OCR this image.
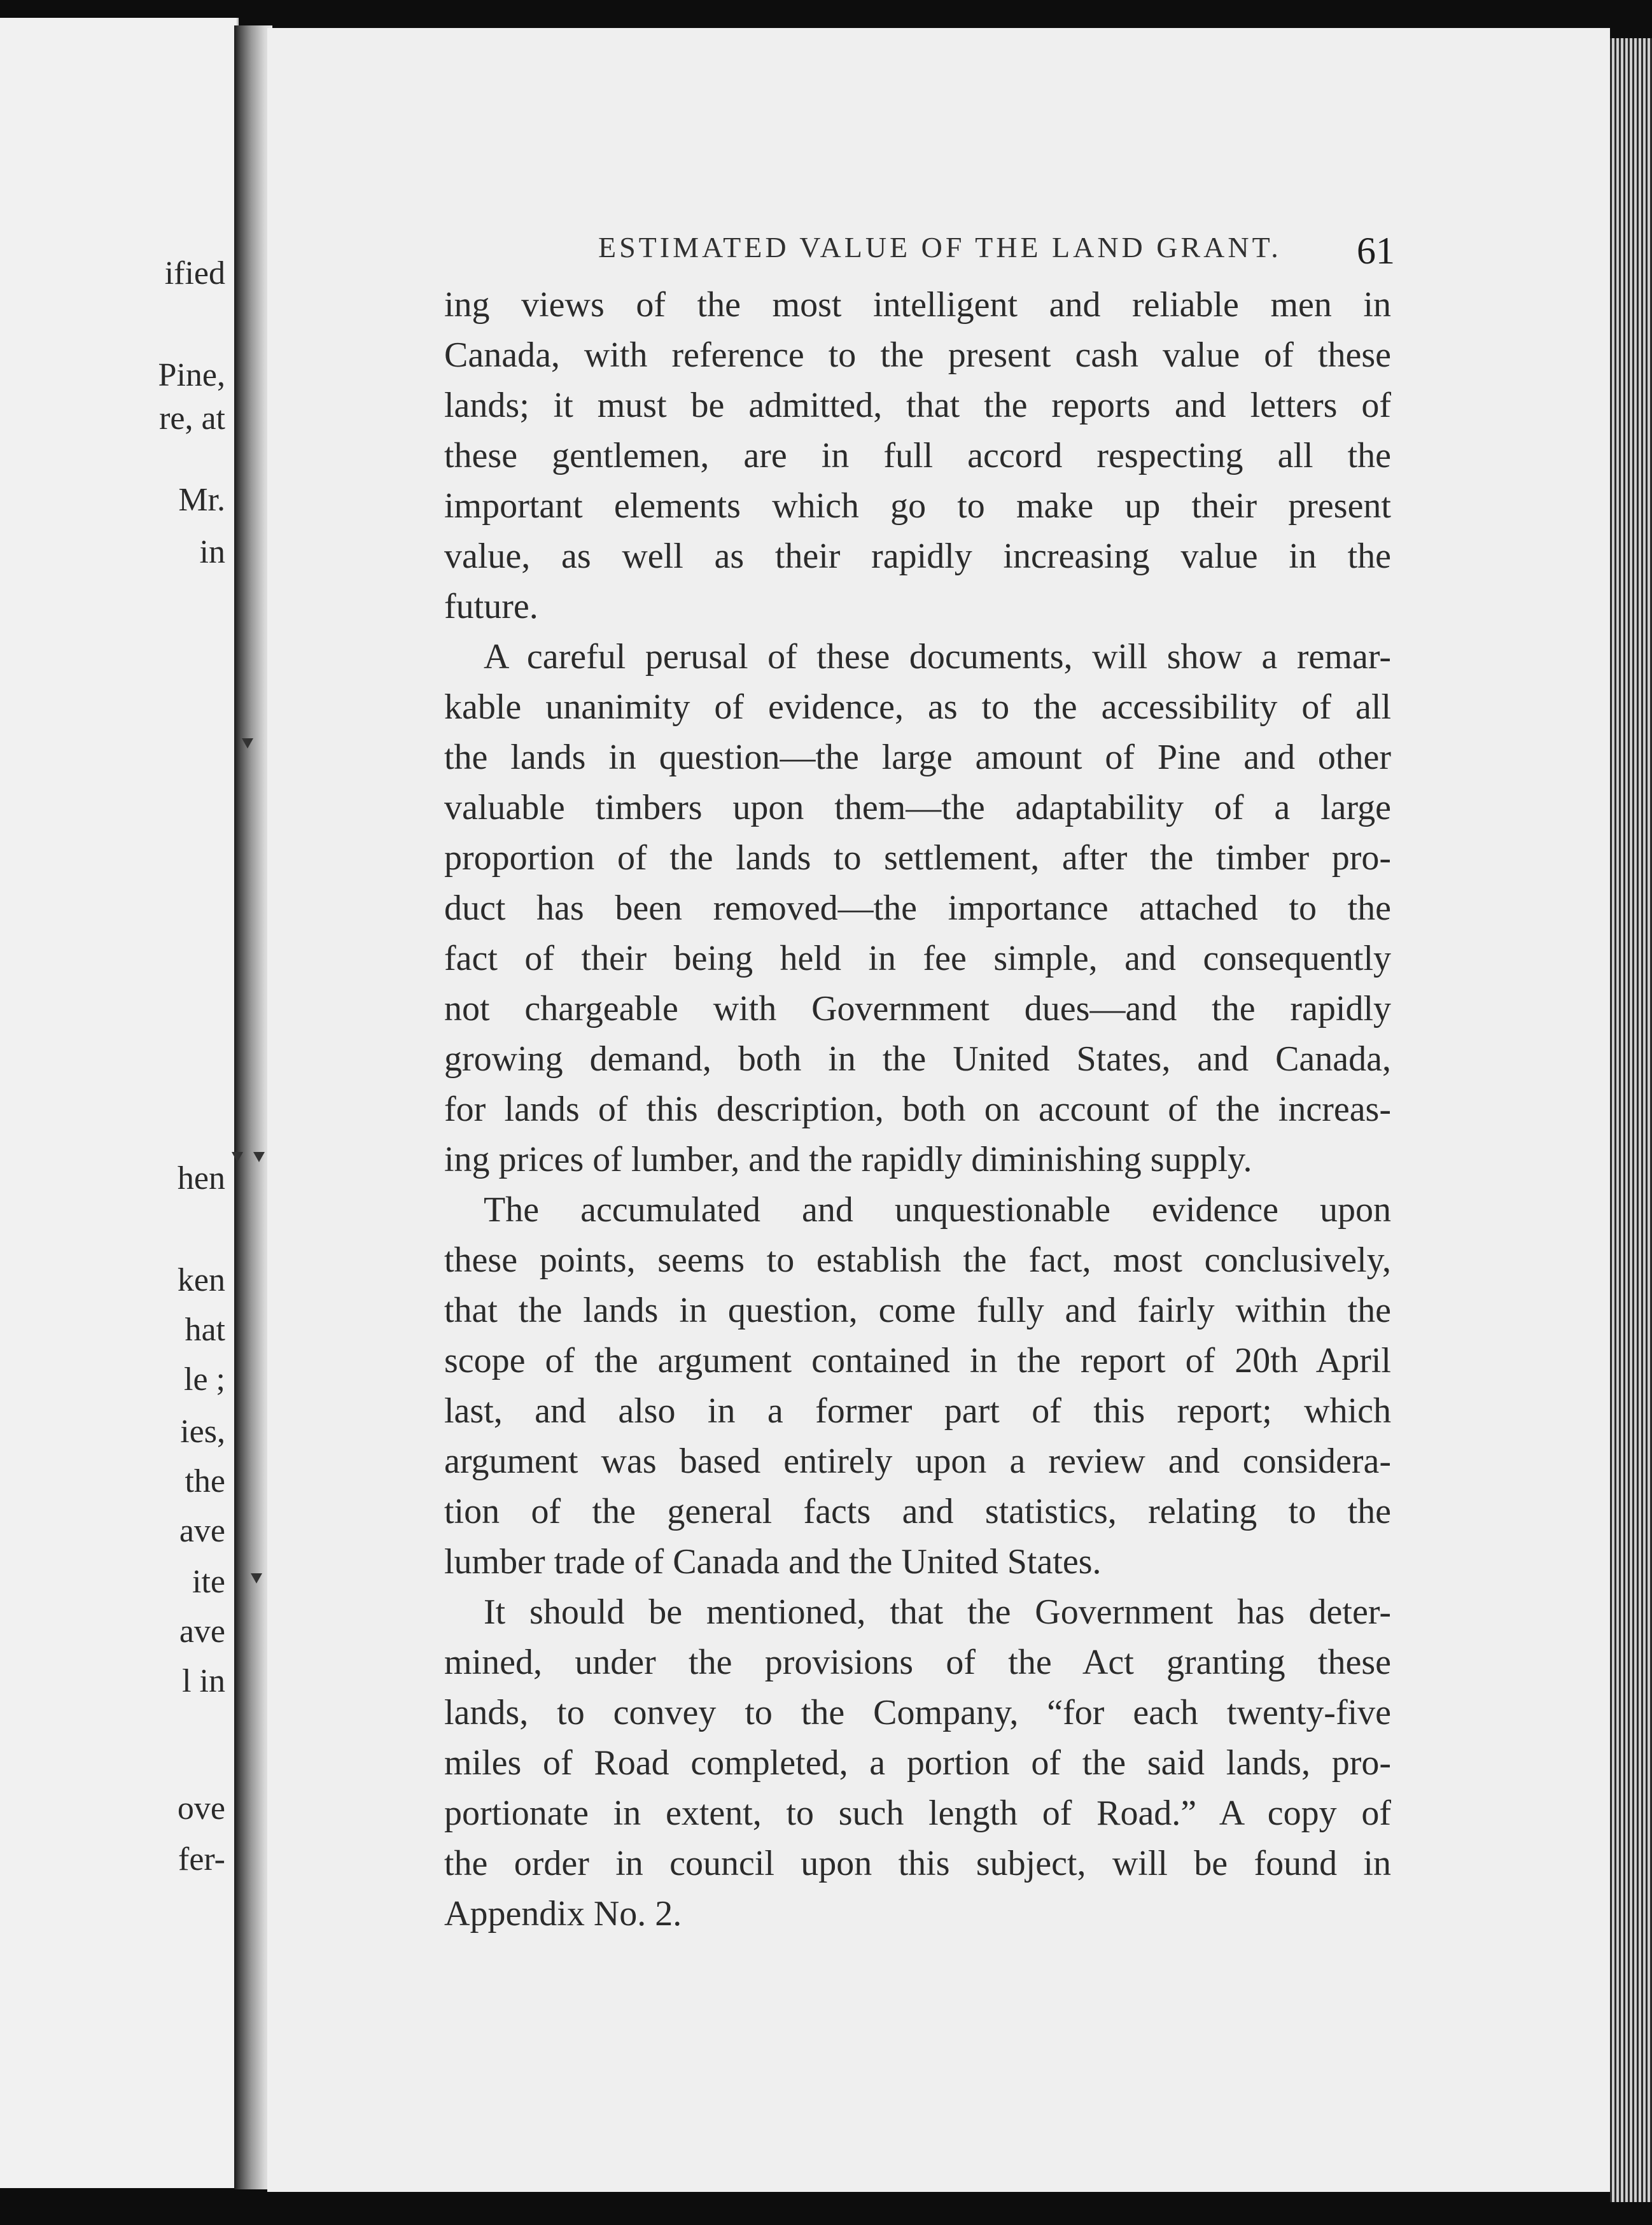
ified

Pine,

re, at

Mr.

in

hen

ken

hat

le ;

ies,

the

ave

ite

ave

l in

ove

fer-

ESTIMATED VALUE OF THE LAND GRANT. 61
ing views of the most intelligent and reliable men in
Canada, with reference to the present cash value of these
lands; it must be admitted, that the reports and letters of
these gentlemen, are in full accord respecting all the
important elements which go to make up their present
value, as well as their rapidly increasing value in the
future.
A careful perusal of these documents, will show a remar-
kable unanimity of evidence, as to the accessibility of all
the lands in question—the large amount of Pine and other
valuable timbers upon them—the adaptability of a large
proportion of the lands to settlement, after the timber pro-
duct has been removed—the importance attached to the
fact of their being held in fee simple, and consequently
not chargeable with Government dues—and the rapidly
growing demand, both in the United States, and Canada,
for lands of this description, both on account of the increas-
ing prices of lumber, and the rapidly diminishing supply.
The accumulated and unquestionable evidence upon
these points, seems to establish the fact, most conclusively,
that the lands in question, come fully and fairly within the
scope of the argument contained in the report of 20th April
last, and also in a former part of this report; which
argument was based entirely upon a review and considera-
tion of the general facts and statistics, relating to the
lumber trade of Canada and the United States.
It should be mentioned, that the Government has deter-
mined, under the provisions of the Act granting these
lands, to convey to the Company, “for each twenty-five
miles of Road completed, a portion of the said lands, pro-
portionate in extent, to such length of Road.” A copy of
the order in council upon this subject, will be found in
Appendix No. 2.
